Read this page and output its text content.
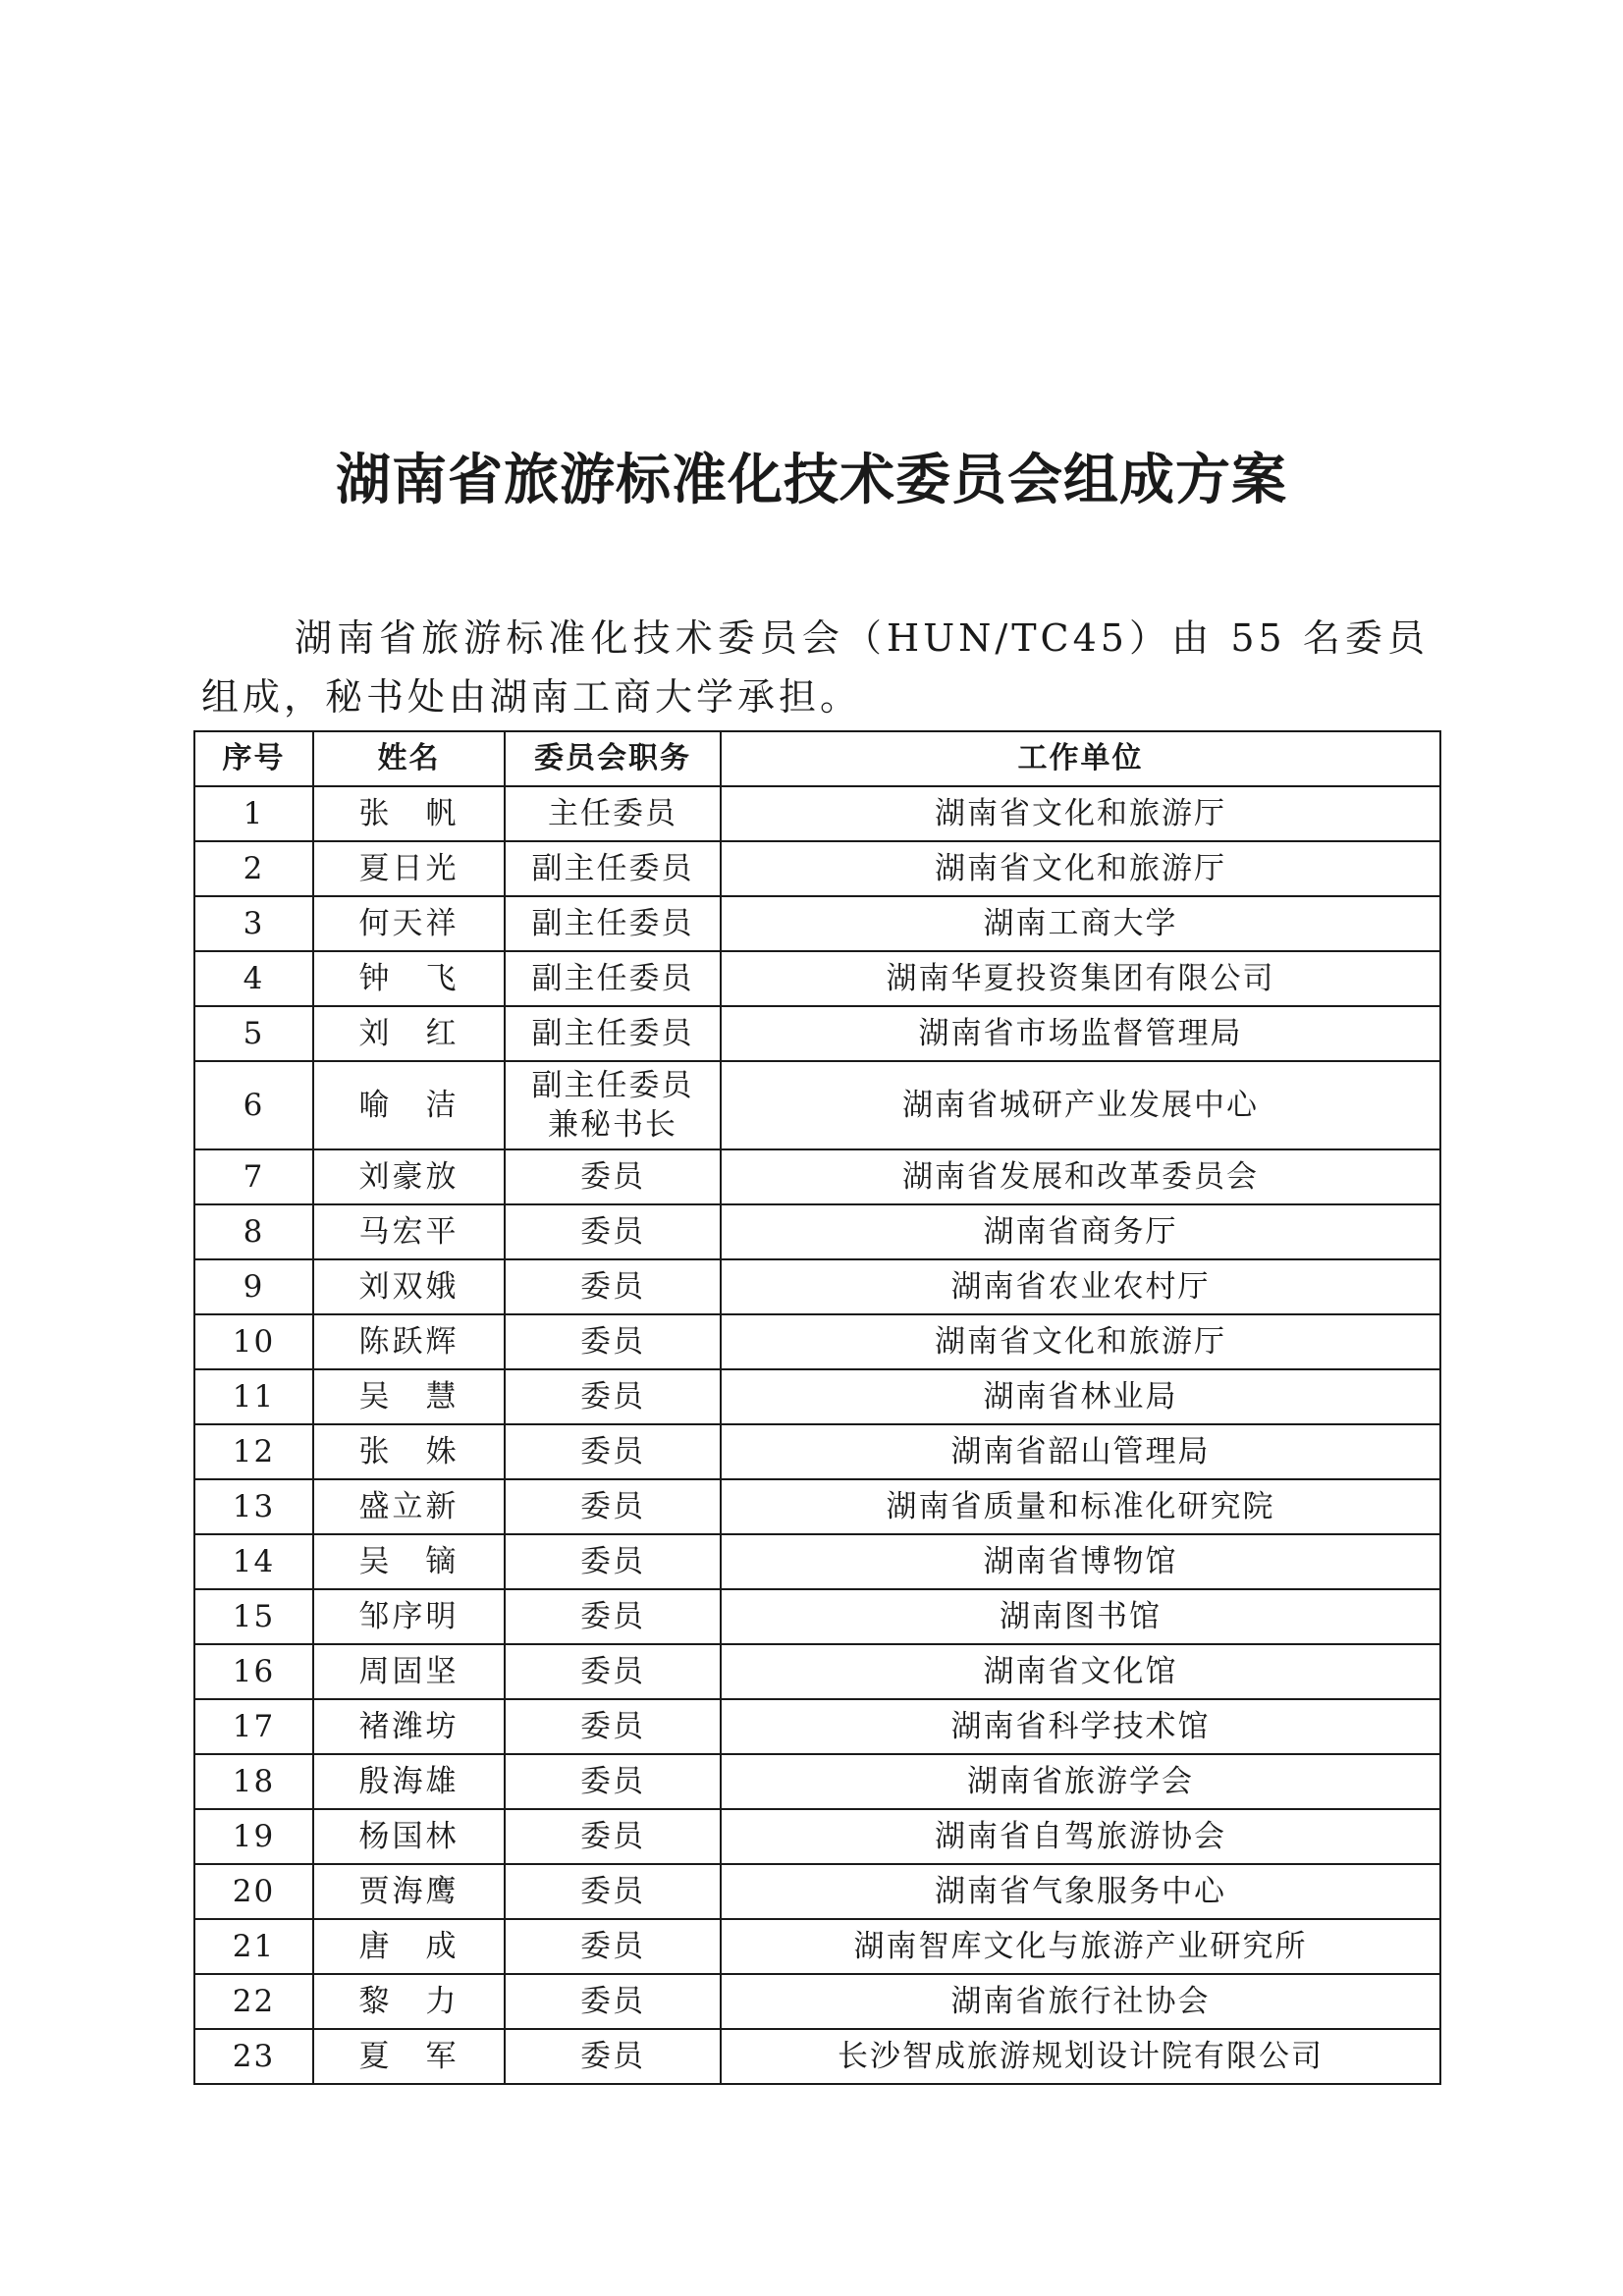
湖南省旅游标准化技术委员会组成方案

湖南省旅游标准化技术委员会（HUN/TC45）由 55 名委员组成，秘书处由湖南工商大学承担。

序号	姓名	委员会职务	工作单位
1	张　帆	主任委员	湖南省文化和旅游厅
2	夏日光	副主任委员	湖南省文化和旅游厅
3	何天祥	副主任委员	湖南工商大学
4	钟　飞	副主任委员	湖南华夏投资集团有限公司
5	刘　红	副主任委员	湖南省市场监督管理局
6	喻　洁	副主任委员
兼秘书长	湖南省城研产业发展中心
7	刘豪放	委员	湖南省发展和改革委员会
8	马宏平	委员	湖南省商务厅
9	刘双娥	委员	湖南省农业农村厅
10	陈跃辉	委员	湖南省文化和旅游厅
11	吴　慧	委员	湖南省林业局
12	张　姝	委员	湖南省韶山管理局
13	盛立新	委员	湖南省质量和标准化研究院
14	吴　镝	委员	湖南省博物馆
15	邹序明	委员	湖南图书馆
16	周固坚	委员	湖南省文化馆
17	褚潍坊	委员	湖南省科学技术馆
18	殷海雄	委员	湖南省旅游学会
19	杨国林	委员	湖南省自驾旅游协会
20	贾海鹰	委员	湖南省气象服务中心
21	唐　成	委员	湖南智库文化与旅游产业研究所
22	黎　力	委员	湖南省旅行社协会
23	夏　军	委员	长沙智成旅游规划设计院有限公司
